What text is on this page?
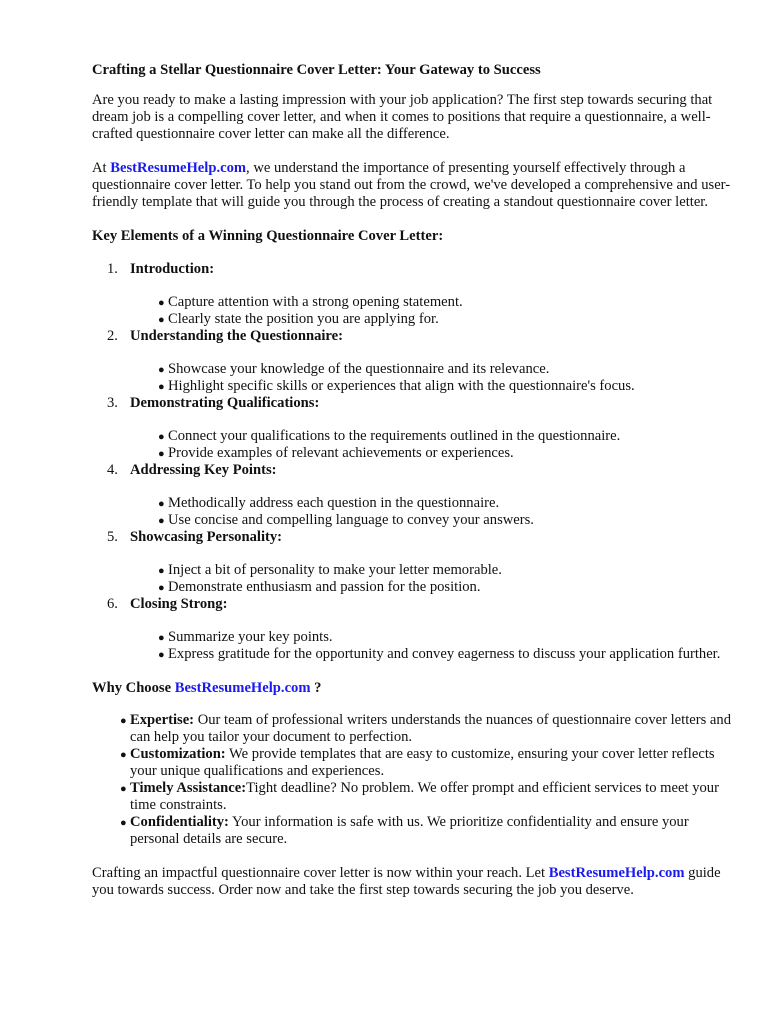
Crafting a Stellar Questionnaire Cover Letter: Your Gateway to Success

Are you ready to make a lasting impression with your job application? The first step towards securing that dream job is a compelling cover letter, and when it comes to positions that require a questionnaire, a well-crafted questionnaire cover letter can make all the difference.

At BestResumeHelp.com, we understand the importance of presenting yourself effectively through a questionnaire cover letter. To help you stand out from the crowd, we've developed a comprehensive and user-friendly template that will guide you through the process of creating a standout questionnaire cover letter.

Key Elements of a Winning Questionnaire Cover Letter:

1. Introduction:
● Capture attention with a strong opening statement.
● Clearly state the position you are applying for.
2. Understanding the Questionnaire:
● Showcase your knowledge of the questionnaire and its relevance.
● Highlight specific skills or experiences that align with the questionnaire's focus.
3. Demonstrating Qualifications:
● Connect your qualifications to the requirements outlined in the questionnaire.
● Provide examples of relevant achievements or experiences.
4. Addressing Key Points:
● Methodically address each question in the questionnaire.
● Use concise and compelling language to convey your answers.
5. Showcasing Personality:
● Inject a bit of personality to make your letter memorable.
● Demonstrate enthusiasm and passion for the position.
6. Closing Strong:
● Summarize your key points.
● Express gratitude for the opportunity and convey eagerness to discuss your application further.

Why Choose BestResumeHelp.com ?

● Expertise: Our team of professional writers understands the nuances of questionnaire cover letters and can help you tailor your document to perfection.
● Customization: We provide templates that are easy to customize, ensuring your cover letter reflects your unique qualifications and experiences.
● Timely Assistance:Tight deadline? No problem. We offer prompt and efficient services to meet your time constraints.
● Confidentiality: Your information is safe with us. We prioritize confidentiality and ensure your personal details are secure.

Crafting an impactful questionnaire cover letter is now within your reach. Let BestResumeHelp.com guide you towards success. Order now and take the first step towards securing the job you deserve.
